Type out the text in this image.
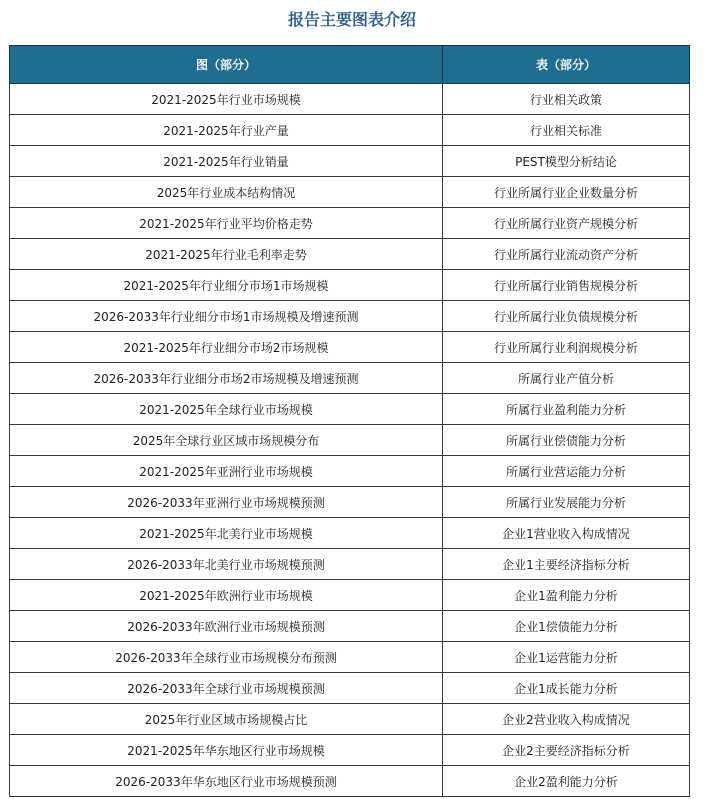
报告主要图表介绍
图（部分）	表（部分）
2021-2025年行业市场规模	行业相关政策
2021-2025年行业产量	行业相关标准
2021-2025年行业销量	PEST模型分析结论
2025年行业成本结构情况	行业所属行业企业数量分析
2021-2025年行业平均价格走势	行业所属行业资产规模分析
2021-2025年行业毛利率走势	行业所属行业流动资产分析
2021-2025年行业细分市场1市场规模	行业所属行业销售规模分析
2026-2033年行业细分市场1市场规模及增速预测	行业所属行业负债规模分析
2021-2025年行业细分市场2市场规模	行业所属行业利润规模分析
2026-2033年行业细分市场2市场规模及增速预测	所属行业产值分析
2021-2025年全球行业市场规模	所属行业盈利能力分析
2025年全球行业区域市场规模分布	所属行业偿债能力分析
2021-2025年亚洲行业市场规模	所属行业营运能力分析
2026-2033年亚洲行业市场规模预测	所属行业发展能力分析
2021-2025年北美行业市场规模	企业1营业收入构成情况
2026-2033年北美行业市场规模预测	企业1主要经济指标分析
2021-2025年欧洲行业市场规模	企业1盈利能力分析
2026-2033年欧洲行业市场规模预测	企业1偿债能力分析
2026-2033年全球行业市场规模分布预测	企业1运营能力分析
2026-2033年全球行业市场规模预测	企业1成长能力分析
2025年行业区域市场规模占比	企业2营业收入构成情况
2021-2025年华东地区行业市场规模	企业2主要经济指标分析
2026-2033年华东地区行业市场规模预测	企业2盈利能力分析
